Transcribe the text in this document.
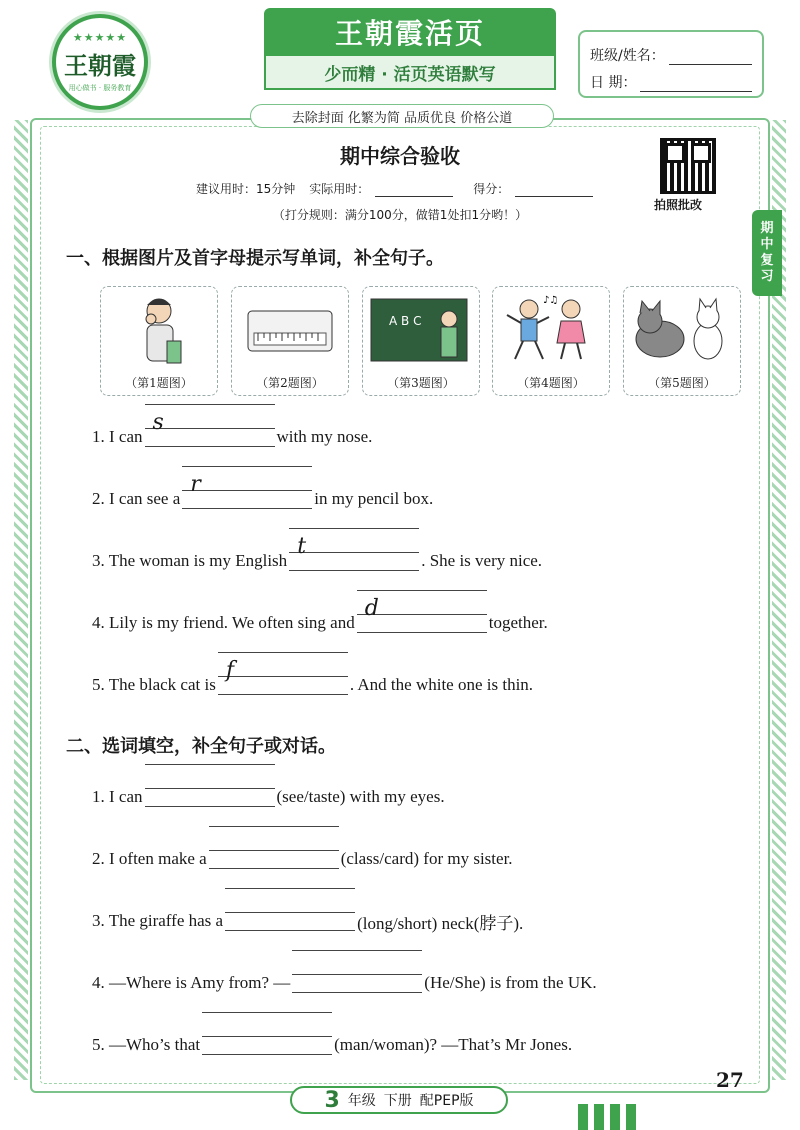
★★★★★
王朝霞
用心做书 · 服务教育
王朝霞活页
少而精 · 活页英语默写
去除封面 化繁为简 品质优良 价格公道
班级/姓名：
日 期：
期中综合验收
建议用时：15分钟 实际用时：	得分：
（打分规则：满分100分，做错1处扣1分哟！）
拍照批改
期
中
复
习
一、根据图片及首字母提示写单词，补全句子。
（第1题图）	（第2题图）
A B C
（第3题图）
♪♫
（第4题图）	（第5题图）
1. I can
s
with my nose.
2. I can see a
r
in my pencil box.
3. The woman is my English
t
. She is very nice.
4. Lily is my friend. We often sing and
d
together.
5. The black cat is
f
. And the white one is thin.
二、选词填空，补全句子或对话。
1. I can	(see/taste) with my eyes.
2. I often make a	(class/card) for my sister.
3. The giraffe has a	(long/short) neck(脖子).
4. —Where is Amy from? —	(He/She) is from the UK.
5. —Who’s that	(man/woman)? —That’s Mr Jones.
3 年级 下册 配PEP版
27
